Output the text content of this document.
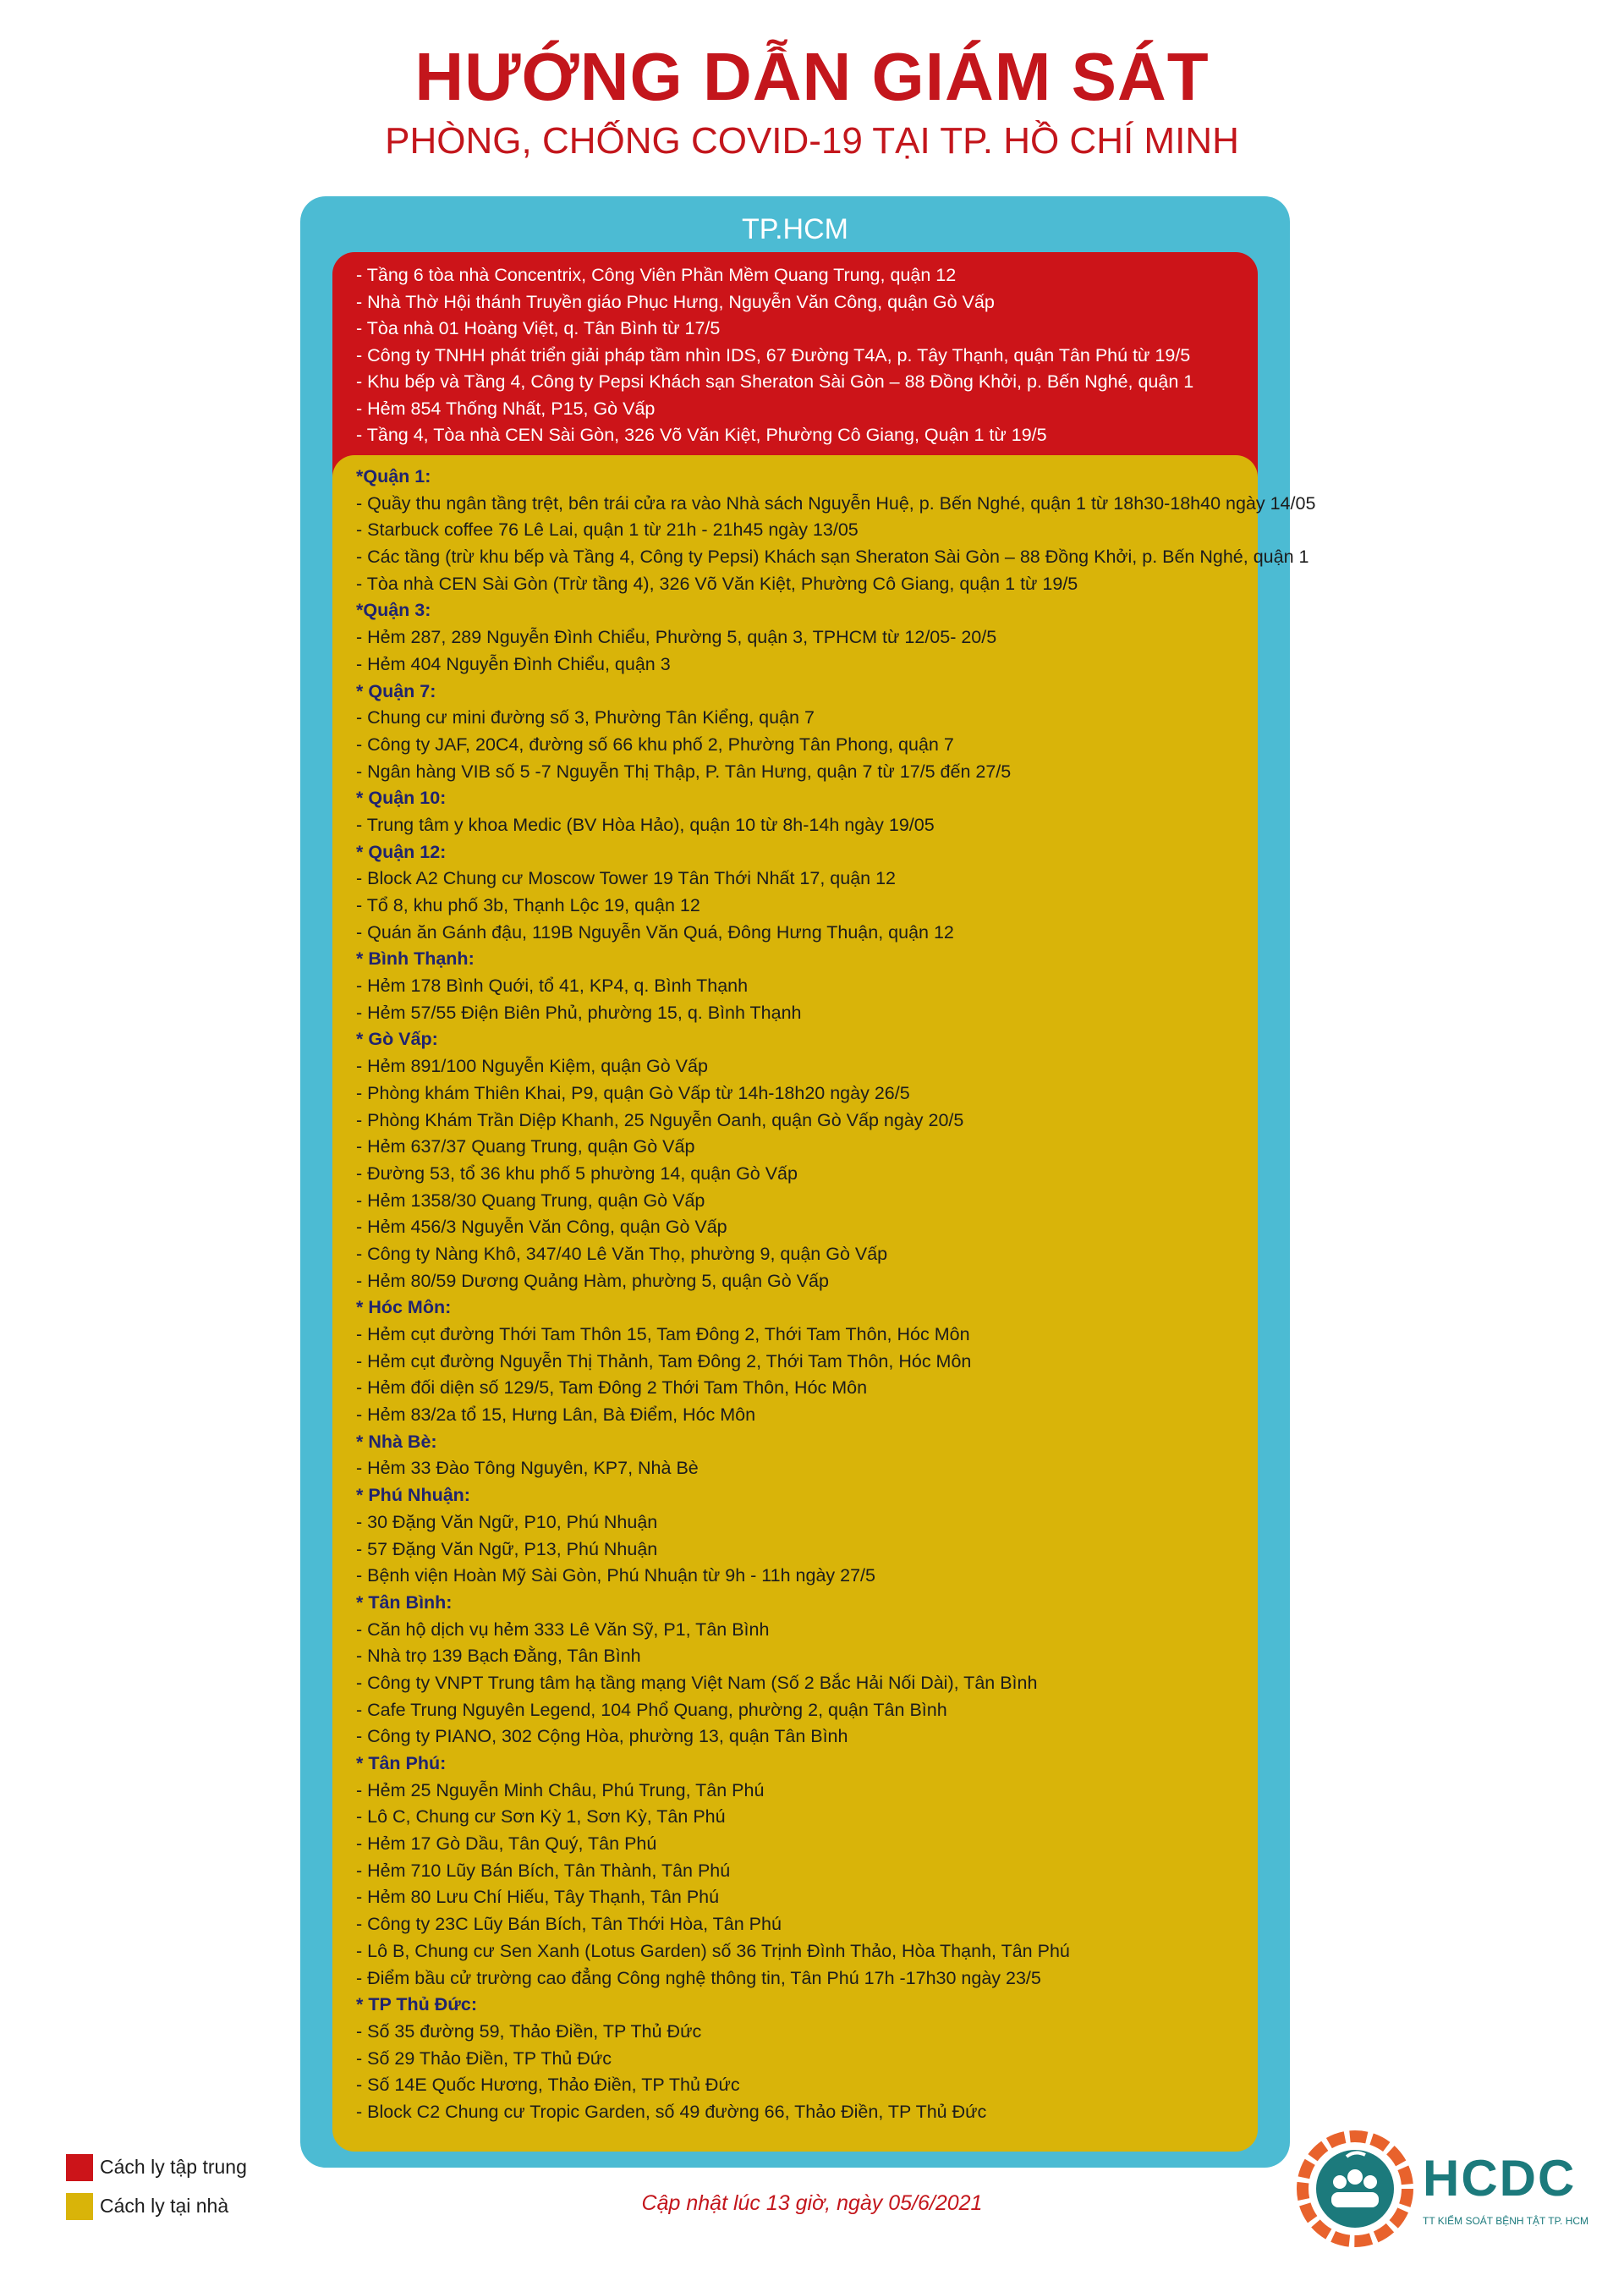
HƯỚNG DẪN GIÁM SÁT
PHÒNG, CHỐNG COVID-19 TẠI TP. HỒ CHÍ MINH
TP.HCM
- Tầng 6 tòa nhà Concentrix, Công Viên Phần Mềm Quang Trung, quận 12
- Nhà Thờ Hội thánh Truyền giáo Phục Hưng, Nguyễn Văn Công, quận Gò Vấp
- Tòa nhà 01 Hoàng Việt, q. Tân Bình từ 17/5
- Công ty TNHH phát triển giải pháp tầm nhìn IDS, 67 Đường T4A, p. Tây Thạnh, quận Tân Phú từ 19/5
- Khu bếp và Tầng 4, Công ty Pepsi Khách sạn Sheraton Sài Gòn – 88 Đồng Khởi, p. Bến Nghé, quận 1
- Hẻm 854 Thống Nhất, P15, Gò Vấp
- Tầng 4, Tòa nhà CEN Sài Gòn, 326 Võ Văn Kiệt, Phường Cô Giang, Quận 1 từ 19/5
*Quận 1:
- Quầy thu ngân tầng trệt, bên trái cửa ra vào Nhà sách Nguyễn Huệ, p. Bến Nghé, quận 1 từ 18h30-18h40 ngày 14/05
- Starbuck coffee 76 Lê Lai, quận 1 từ 21h - 21h45 ngày 13/05
- Các tầng (trừ khu bếp và Tầng 4, Công ty Pepsi) Khách sạn Sheraton Sài Gòn – 88 Đồng Khởi, p. Bến Nghé, quận 1
- Tòa nhà CEN Sài Gòn (Trừ tầng 4), 326 Võ Văn Kiệt, Phường Cô Giang, quận 1 từ 19/5
*Quận 3:
- Hẻm 287, 289 Nguyễn Đình Chiểu, Phường 5, quận 3, TPHCM từ 12/05- 20/5
- Hẻm 404 Nguyễn Đình Chiểu, quận 3
* Quận 7:
- Chung cư mini đường số 3, Phường Tân Kiểng, quận 7
- Công ty JAF, 20C4, đường số 66 khu phố 2, Phường Tân Phong, quận 7
- Ngân hàng VIB số 5 -7 Nguyễn Thị Thập, P. Tân Hưng, quận 7 từ 17/5 đến 27/5
* Quận 10:
- Trung tâm y khoa Medic (BV Hòa Hảo), quận 10 từ 8h-14h ngày 19/05
* Quận 12:
- Block A2 Chung cư Moscow Tower 19 Tân Thới Nhất 17, quận 12
- Tổ 8, khu phố 3b, Thạnh Lộc 19, quận 12
- Quán ăn Gánh đậu, 119B Nguyễn Văn Quá, Đông Hưng Thuận, quận 12
* Bình Thạnh:
- Hẻm 178 Bình Quới, tổ 41, KP4, q. Bình Thạnh
- Hẻm 57/55 Điện Biên Phủ, phường 15, q. Bình Thạnh
* Gò Vấp:
- Hẻm 891/100 Nguyễn Kiệm, quận Gò Vấp
- Phòng khám Thiên Khai, P9, quận Gò Vấp từ 14h-18h20 ngày 26/5
- Phòng Khám Trần Diệp Khanh, 25 Nguyễn Oanh, quận Gò Vấp ngày 20/5
- Hẻm 637/37 Quang Trung, quận Gò Vấp
- Đường 53, tổ 36 khu phố 5 phường 14, quận Gò Vấp
- Hẻm 1358/30 Quang Trung, quận Gò Vấp
- Hẻm 456/3 Nguyễn Văn Công, quận Gò Vấp
- Công ty Nàng Khô, 347/40 Lê Văn Thọ, phường 9, quận Gò Vấp
- Hẻm 80/59 Dương Quảng Hàm, phường 5, quận Gò Vấp
* Hóc Môn:
- Hẻm cụt đường Thới Tam Thôn 15, Tam Đông 2, Thới Tam Thôn, Hóc Môn
- Hẻm cụt đường Nguyễn Thị Thảnh, Tam Đông 2, Thới Tam Thôn, Hóc Môn
- Hẻm đối diện số 129/5, Tam Đông 2 Thới Tam Thôn, Hóc Môn
- Hẻm 83/2a tổ 15, Hưng Lân, Bà Điểm, Hóc Môn
* Nhà Bè:
- Hẻm 33 Đào Tông Nguyên, KP7, Nhà Bè
* Phú Nhuận:
- 30 Đặng Văn Ngữ, P10, Phú Nhuận
- 57 Đặng Văn Ngữ, P13, Phú Nhuận
- Bệnh viện Hoàn Mỹ Sài Gòn, Phú Nhuận từ 9h - 11h ngày 27/5
* Tân Bình:
- Căn hộ dịch vụ hẻm 333 Lê Văn Sỹ, P1, Tân Bình
- Nhà trọ 139 Bạch Đằng, Tân Bình
- Công ty VNPT Trung tâm hạ tầng mạng Việt Nam (Số 2 Bắc Hải Nối Dài), Tân Bình
- Cafe Trung Nguyên Legend, 104 Phổ Quang, phường 2, quận Tân Bình
- Công ty PIANO, 302 Cộng Hòa, phường 13, quận Tân Bình
* Tân Phú:
- Hẻm 25 Nguyễn Minh Châu, Phú Trung, Tân Phú
- Lô C, Chung cư Sơn Kỳ 1, Sơn Kỳ, Tân Phú
- Hẻm 17 Gò Dầu, Tân Quý, Tân Phú
- Hẻm 710 Lũy Bán Bích, Tân Thành, Tân Phú
- Hẻm 80 Lưu Chí Hiếu, Tây Thạnh, Tân Phú
- Công ty 23C Lũy Bán Bích, Tân Thới Hòa, Tân Phú
- Lô B, Chung cư Sen Xanh (Lotus Garden) số 36 Trịnh Đình Thảo, Hòa Thạnh, Tân Phú
- Điểm bầu cử trường cao đẳng Công nghệ thông tin, Tân Phú 17h -17h30 ngày 23/5
* TP Thủ Đức:
- Số 35 đường 59, Thảo Điền, TP Thủ Đức
- Số 29 Thảo Điền, TP Thủ Đức
- Số 14E Quốc Hương, Thảo Điền, TP Thủ Đức
- Block C2 Chung cư Tropic Garden, số 49 đường 66, Thảo Điền, TP Thủ Đức
Cách ly tập trung
Cách ly tại nhà	Cập nhật lúc 13 giờ, ngày 05/6/2021	HCDC
TT KIỂM SOÁT BỆNH TẬT TP. HCM
